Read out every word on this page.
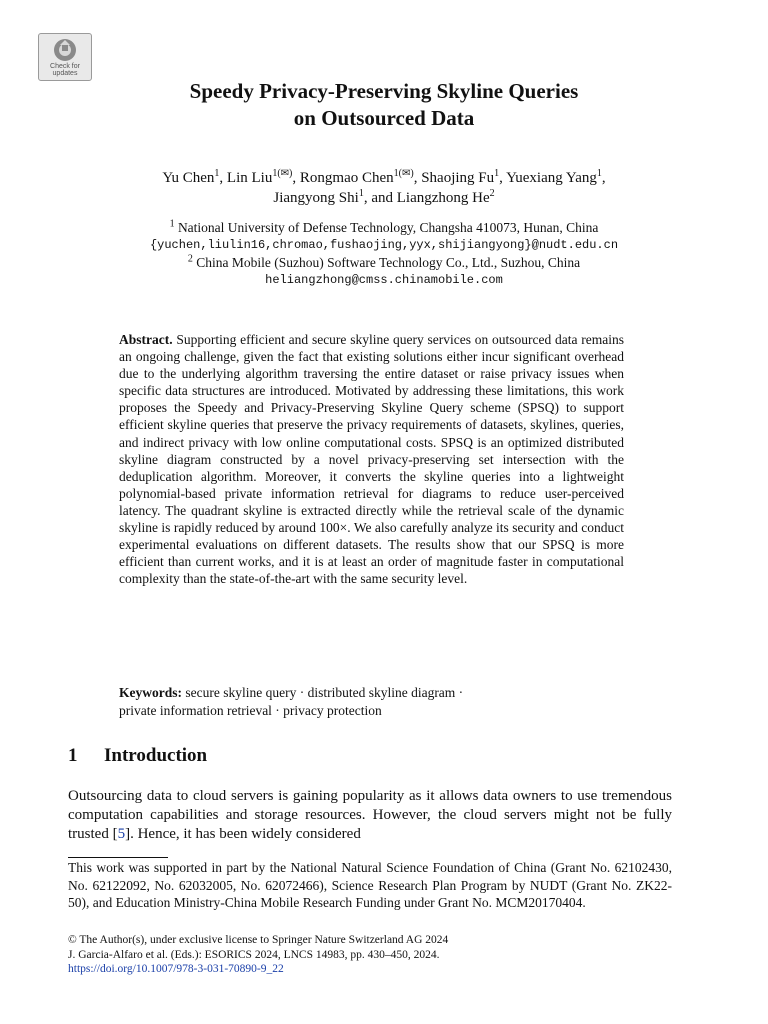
Check for
updates
Speedy Privacy-Preserving Skyline Queries
on Outsourced Data
Yu Chen$^1$, Lin Liu$^{1(✉)}$, Rongmao Chen$^{1(✉)}$, Shaojing Fu$^1$, Yuexiang Yang$^1$,
Jiangyong Shi$^1$, and Liangzhong He$^2$
$^1$ National University of Defense Technology, Changsha 410073, Hunan, China
{yuchen,liulin16,chromao,fushaojing,yyx,shijiangyong}@nudt.edu.cn
$^2$ China Mobile (Suzhou) Software Technology Co., Ltd., Suzhou, China
heliangzhong@cmss.chinamobile.com
Abstract. Supporting efficient and secure skyline query services on outsourced data remains an ongoing challenge, given the fact that existing solutions either incur significant overhead due to the underlying algorithm traversing the entire dataset or raise privacy issues when specific data structures are introduced. Motivated by addressing these limitations, this work proposes the Speedy and Privacy-Preserving Skyline Query scheme (SPSQ) to support efficient skyline queries that preserve the privacy requirements of datasets, skylines, queries, and indirect privacy with low online computational costs. SPSQ is an optimized distributed skyline diagram constructed by a novel privacy-preserving set intersection with the deduplication algorithm. Moreover, it converts the skyline queries into a lightweight polynomial-based private information retrieval for diagrams to reduce user-perceived latency. The quadrant skyline is extracted directly while the retrieval scale of the dynamic skyline is rapidly reduced by around 100×. We also carefully analyze its security and conduct experimental evaluations on different datasets. The results show that our SPSQ is more efficient than current works, and it is at least an order of magnitude faster in computational complexity than the state-of-the-art with the same security level.
Keywords: secure skyline query · distributed skyline diagram ·
private information retrieval · privacy protection
1 Introduction
Outsourcing data to cloud servers is gaining popularity as it allows data owners to use tremendous computation capabilities and storage resources. However, the cloud servers might not be fully trusted [5]. Hence, it has been widely considered
This work was supported in part by the National Natural Science Foundation of China (Grant No. 62102430, No. 62122092, No. 62032005, No. 62072466), Science Research Plan Program by NUDT (Grant No. ZK22-50), and Education Ministry-China Mobile Research Funding under Grant No. MCM20170404.
© The Author(s), under exclusive license to Springer Nature Switzerland AG 2024
J. Garcia-Alfaro et al. (Eds.): ESORICS 2024, LNCS 14983, pp. 430–450, 2024.
https://doi.org/10.1007/978-3-031-70890-9_22
